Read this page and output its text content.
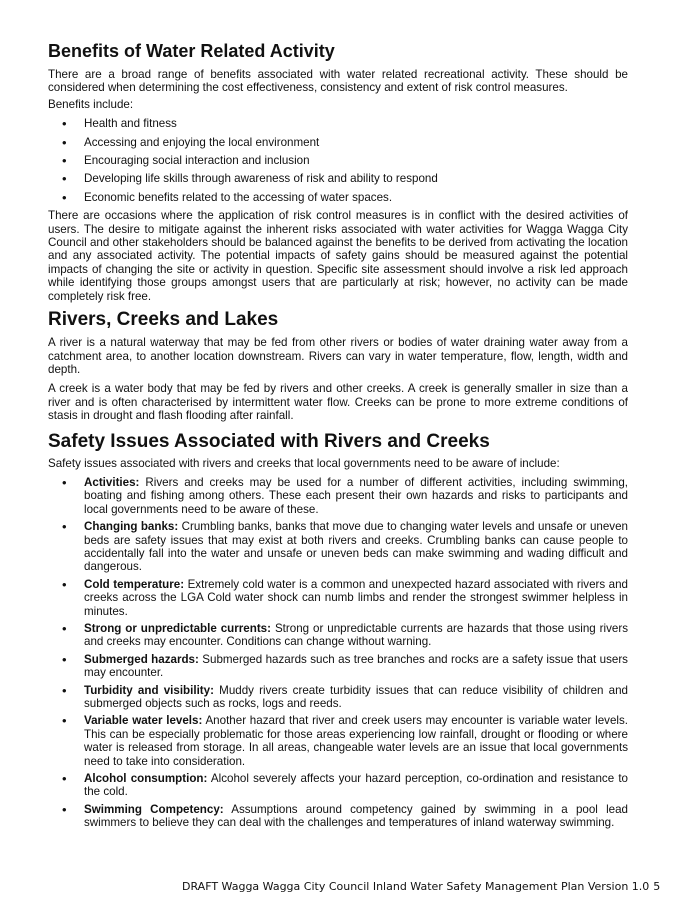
Benefits of Water Related Activity

There are a broad range of benefits associated with water related recreational activity. These should be considered when determining the cost effectiveness, consistency and extent of risk control measures.

Benefits include:

• Health and fitness
• Accessing and enjoying the local environment
• Encouraging social interaction and inclusion
• Developing life skills through awareness of risk and ability to respond
• Economic benefits related to the accessing of water spaces.

There are occasions where the application of risk control measures is in conflict with the desired activities of users. The desire to mitigate against the inherent risks associated with water activities for Wagga Wagga City Council and other stakeholders should be balanced against the benefits to be derived from activating the location and any associated activity. The potential impacts of safety gains should be measured against the potential impacts of changing the site or activity in question. Specific site assessment should involve a risk led approach while identifying those groups amongst users that are particularly at risk; however, no activity can be made completely risk free.

Rivers, Creeks and Lakes

A river is a natural waterway that may be fed from other rivers or bodies of water draining water away from a catchment area, to another location downstream. Rivers can vary in water temperature, flow, length, width and depth.

A creek is a water body that may be fed by rivers and other creeks. A creek is generally smaller in size than a river and is often characterised by intermittent water flow. Creeks can be prone to more extreme conditions of stasis in drought and flash flooding after rainfall.

Safety Issues Associated with Rivers and Creeks

Safety issues associated with rivers and creeks that local governments need to be aware of include:

• Activities: Rivers and creeks may be used for a number of different activities, including swimming, boating and fishing among others. These each present their own hazards and risks to participants and local governments need to be aware of these.
• Changing banks: Crumbling banks, banks that move due to changing water levels and unsafe or uneven beds are safety issues that may exist at both rivers and creeks. Crumbling banks can cause people to accidentally fall into the water and unsafe or uneven beds can make swimming and wading difficult and dangerous.
• Cold temperature: Extremely cold water is a common and unexpected hazard associated with rivers and creeks across the LGA Cold water shock can numb limbs and render the strongest swimmer helpless in minutes.
• Strong or unpredictable currents: Strong or unpredictable currents are hazards that those using rivers and creeks may encounter. Conditions can change without warning.
• Submerged hazards: Submerged hazards such as tree branches and rocks are a safety issue that users may encounter.
• Turbidity and visibility: Muddy rivers create turbidity issues that can reduce visibility of children and submerged objects such as rocks, logs and reeds.
• Variable water levels: Another hazard that river and creek users may encounter is variable water levels. This can be especially problematic for those areas experiencing low rainfall, drought or flooding or where water is released from storage. In all areas, changeable water levels are an issue that local governments need to take into consideration.
• Alcohol consumption: Alcohol severely affects your hazard perception, co-ordination and resistance to the cold.
• Swimming Competency: Assumptions around competency gained by swimming in a pool lead swimmers to believe they can deal with the challenges and temperatures of inland waterway swimming.
DRAFT Wagga Wagga City Council Inland Water Safety Management Plan Version 1.0 5
